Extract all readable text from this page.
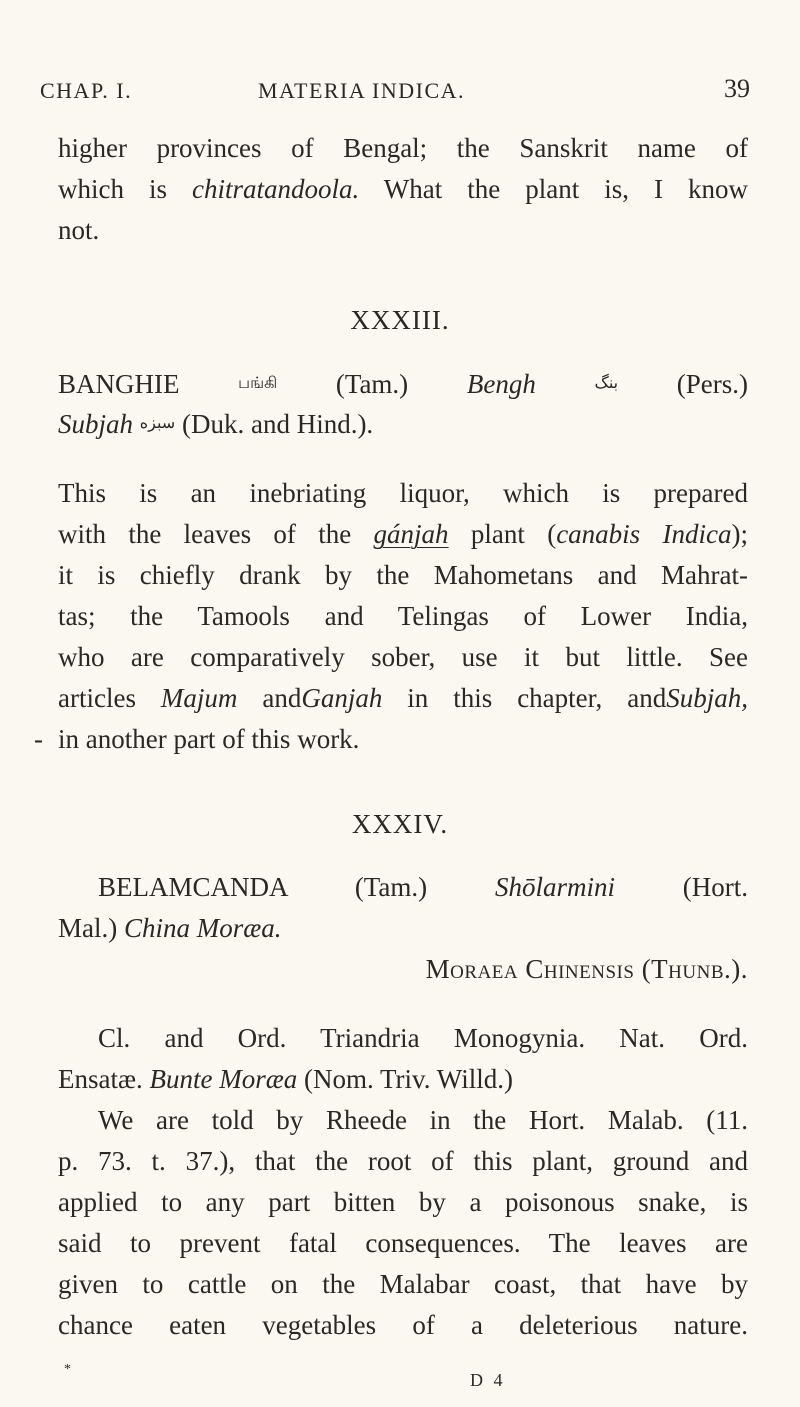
CHAP. I.	MATERIA INDICA.	39
higher provinces of Bengal; the Sanskrit name of
which is chitratandoola. What the plant is, I know
not.
XXXIII.
BANGHIE பங்கி (Tam.) Bengh	بنگ (Pers.)
Subjah سبزه (Duk. and Hind.).
This is an inebriating liquor, which is prepared
with the leaves of the gánjah plant (canabis Indica);
it is chiefly drank by the Mahometans and Mahrat-
tas; the Tamools and Telingas of Lower India,
who are comparatively sober, use it but little. See
articles Majum andGanjah in this chapter, andSubjah,
- in another part of this work.
XXXIV.
BELAMCANDA (Tam.) Shōlarmini (Hort.
Mal.) China Moræa.
Moraea Chinensis (Thunb.).
Cl. and Ord. Triandria Monogynia. Nat. Ord.
Ensatæ. Bunte Moræa (Nom. Triv. Willd.)
We are told by Rheede in the Hort. Malab. (11.
p. 73. t. 37.), that the root of this plant, ground and
applied to any part bitten by a poisonous snake, is
said to prevent fatal consequences. The leaves are
given to cattle on the Malabar coast, that have by
chance eaten vegetables of a deleterious nature.
*
D 4
